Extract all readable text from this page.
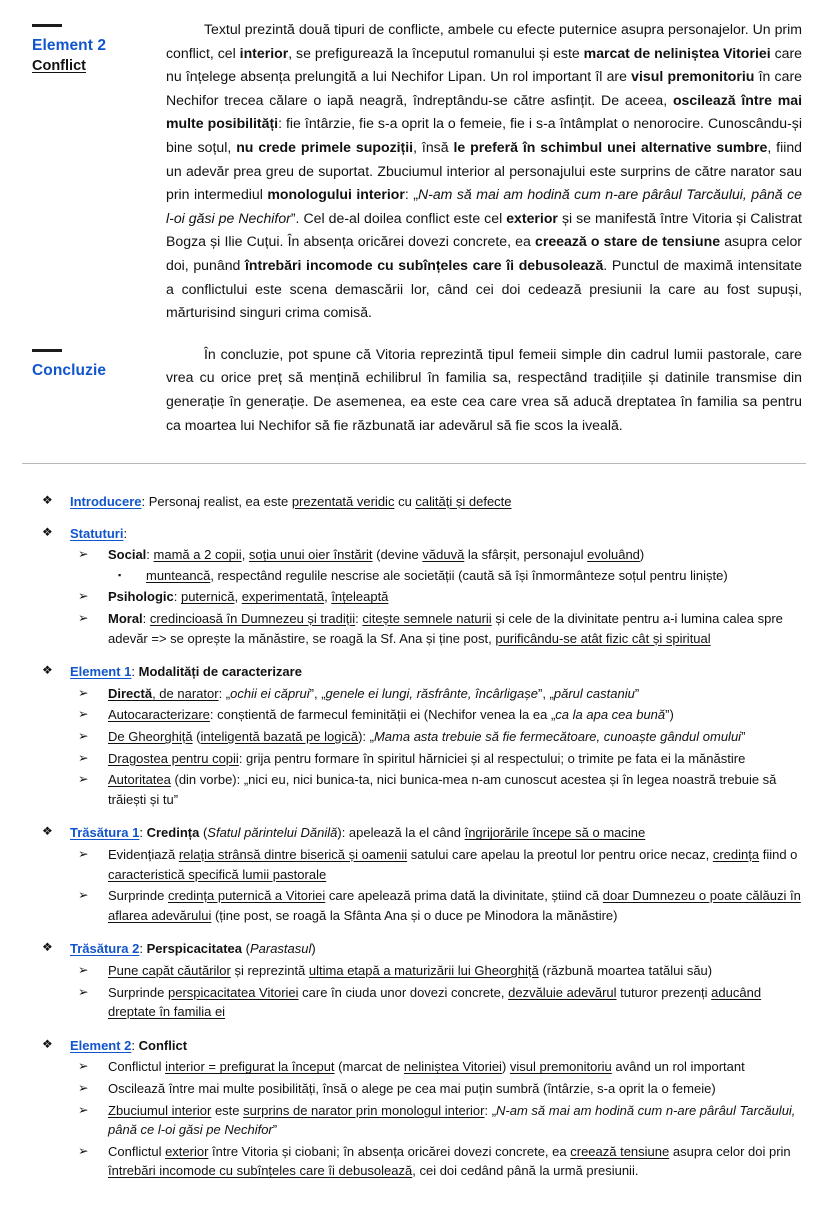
Element 2
Conflict

Textul prezintă două tipuri de conflicte, ambele cu efecte puternice asupra personajelor. Un prim conflict, cel interior, se prefigurează la începutul romanului și este marcat de neliniștea Vitoriei care nu înțelege absența prelungită a lui Nechifor Lipan. Un rol important îl are visul premonitoriu în care Nechifor trecea călare o iapă neagră, îndreptându-se către asfințit. De aceea, oscilează între mai multe posibilități: fie întârzie, fie s-a oprit la o femeie, fie i s-a întâmplat o nenorocire. Cunoscându-și bine soțul, nu crede primele supoziții, însă le preferă în schimbul unei alternative sumbre, fiind un adevăr prea greu de suportat. Zbuciumul interior al personajului este surprins de către narator sau prin intermediul monologului interior: „N-am să mai am hodină cum n-are pârâul Tarcăului, până ce l-oi găsi pe Nechifor”. Cel de-al doilea conflict este cel exterior și se manifestă între Vitoria și Calistrat Bogza și Ilie Cuțui. În absența oricărei dovezi concrete, ea creează o stare de tensiune asupra celor doi, punând întrebări incomode cu subînțeles care îi debusolează. Punctul de maximă intensitate a conflictului este scena demascării lor, când cei doi cedează presiunii la care au fost supuși, mărturisind singuri crima comisă.

Concluzie

În concluzie, pot spune că Vitoria reprezintă tipul femeii simple din cadrul lumii pastorale, care vrea cu orice preț să mențină echilibrul în familia sa, respectând tradițiile și datinile transmise din generație în generație. De asemenea, ea este cea care vrea să aducă dreptatea în familia sa pentru ca moartea lui Nechifor să fie răzbunată iar adevărul să fie scos la iveală.

❖ Introducere: Personaj realist, ea este prezentată veridic cu calități și defecte
❖ Statuturi:
➢ Social: mamă a 2 copii, soția unui oier înstărit (devine văduvă la sfârșit, personajul evoluând)
▪ munteancă, respectând regulile nescrise ale societății (caută să își înmormânteze soțul pentru liniște)
➢ Psihologic: puternică, experimentată, înțeleaptă
➢ Moral: credincioasă în Dumnezeu și tradiții: citește semnele naturii și cele de la divinitate pentru a-i lumina calea spre adevăr => se oprește la mănăstire, se roagă la Sf. Ana și ține post, purificându-se atât fizic cât și spiritual
❖ Element 1: Modalități de caracterizare
➢ Directă, de narator: „ochii ei căprui”, „genele ei lungi, răsfrânte, încârligașe”, „părul castaniu”
➢ Autocaracterizare: conștientă de farmecul feminității ei (Nechifor venea la ea „ca la apa cea bună”)
➢ De Gheorghiță (inteligentă bazată pe logică): „Mama asta trebuie să fie fermecătoare, cunoaște gândul omului”
➢ Dragostea pentru copii: grija pentru formare în spiritul hărniciei și al respectului; o trimite pe fata ei la mănăstire
➢ Autoritatea (din vorbe): „nici eu, nici bunica-ta, nici bunica-mea n-am cunoscut acestea și în legea noastră trebuie să trăiești și tu”
❖ Trăsătura 1: Credința (Sfatul părintelui Dănilă): apelează la el când îngrijorările începe să o macine
➢ Evidențiază relația strânsă dintre biserică și oamenii satului care apelau la preotul lor pentru orice necaz, credința fiind o caracteristică specifică lumii pastorale
➢ Surprinde credința puternică a Vitoriei care apelează prima dată la divinitate, știind că doar Dumnezeu o poate călăuzi în aflarea adevărului (ține post, se roagă la Sfânta Ana și o duce pe Minodora la mănăstire)
❖ Trăsătura 2: Perspicacitatea (Parastasul)
➢ Pune capăt căutărilor și reprezintă ultima etapă a maturizării lui Gheorghiță (răzbună moartea tatălui său)
➢ Surprinde perspicacitatea Vitoriei care în ciuda unor dovezi concrete, dezvăluie adevărul tuturor prezenți aducând dreptate în familia ei
❖ Element 2: Conflict
➢ Conflictul interior = prefigurat la început (marcat de neliniștea Vitoriei) visul premonitoriu având un rol important
➢ Oscilează între mai multe posibilități, însă o alege pe cea mai puțin sumbră (întârzie, s-a oprit la o femeie)
➢ Zbuciumul interior este surprins de narator prin monologul interior: „N-am să mai am hodină cum n-are pârâul Tarcăului, până ce l-oi găsi pe Nechifor”
➢ Conflictul exterior între Vitoria și ciobani; în absența oricărei dovezi concrete, ea creează tensiune asupra celor doi prin întrebări incomode cu subînțeles care îi debusolează, cei doi cedând până la urmă presiunii.
